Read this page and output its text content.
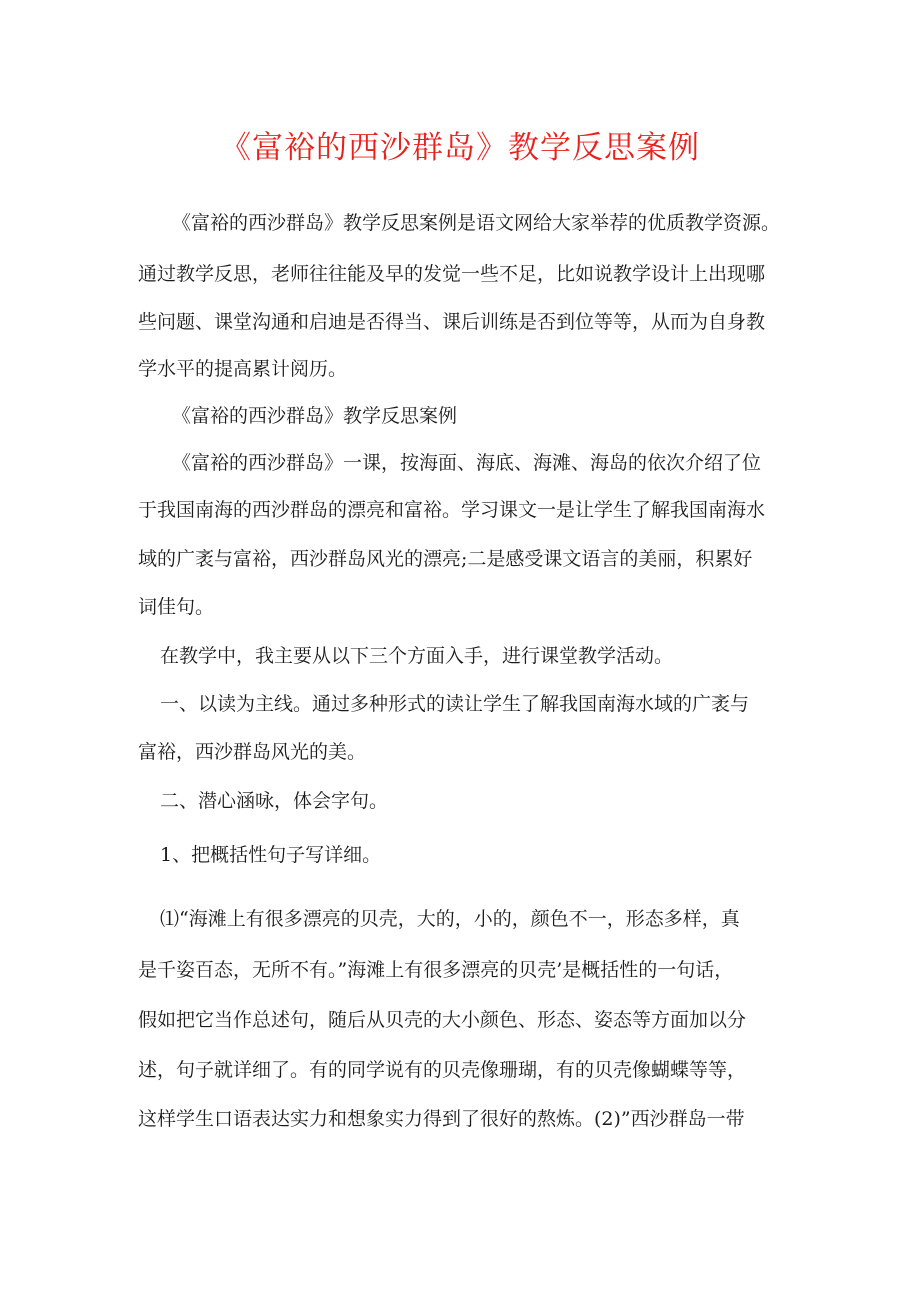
《富裕的西沙群岛》教学反思案例

《富裕的西沙群岛》教学反思案例是语文网给大家举荐的优质教学资源。

通过教学反思，老师往往能及早的发觉一些不足，比如说教学设计上出现哪

些问题、课堂沟通和启迪是否得当、课后训练是否到位等等，从而为自身教

学水平的提高累计阅历。

《富裕的西沙群岛》教学反思案例

《富裕的西沙群岛》一课，按海面、海底、海滩、海岛的依次介绍了位

于我国南海的西沙群岛的漂亮和富裕。学习课文一是让学生了解我国南海水

域的广袤与富裕，西沙群岛风光的漂亮;二是感受课文语言的美丽，积累好

词佳句。

在教学中，我主要从以下三个方面入手，进行课堂教学活动。

一、以读为主线。通过多种形式的读让学生了解我国南海水域的广袤与

富裕，西沙群岛风光的美。

二、潜心涵咏，体会字句。

1、把概括性句子写详细。

⑴“海滩上有很多漂亮的贝壳，大的，小的，颜色不一，形态多样，真

是千姿百态，无所不有。”海滩上有很多漂亮的贝壳’是概括性的一句话，

假如把它当作总述句，随后从贝壳的大小颜色、形态、姿态等方面加以分

述，句子就详细了。有的同学说有的贝壳像珊瑚，有的贝壳像蝴蝶等等，

这样学生口语表达实力和想象实力得到了很好的熬炼。(2)”西沙群岛一带
